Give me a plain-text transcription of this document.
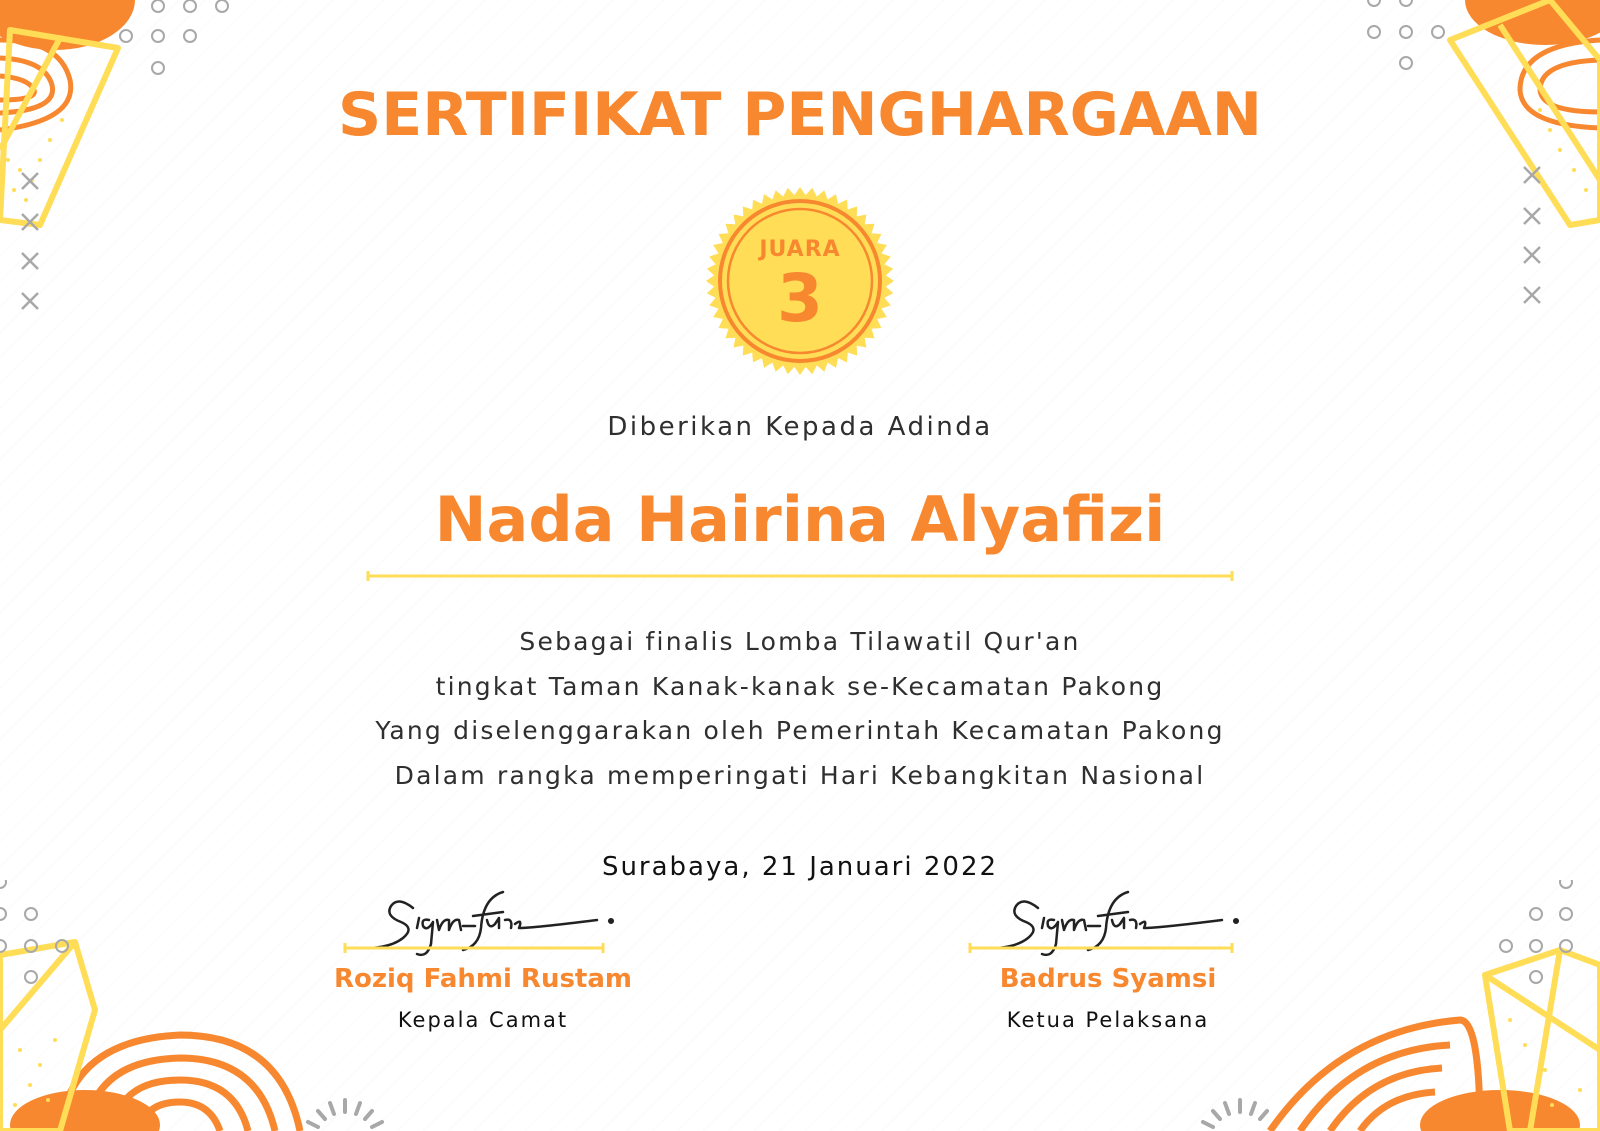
SERTIFIKAT PENGHARGAAN
JUARA
3
Diberikan Kepada Adinda
Nada Hairina Alyafizi
Sebagai finalis Lomba Tilawatil Qur'an
tingkat Taman Kanak-kanak se-Kecamatan Pakong
Yang diselenggarakan oleh Pemerintah Kecamatan Pakong
Dalam rangka memperingati Hari Kebangkitan Nasional
Surabaya, 21 Januari 2022
Roziq Fahmi Rustam
Kepala Camat
Badrus Syamsi
Ketua Pelaksana
